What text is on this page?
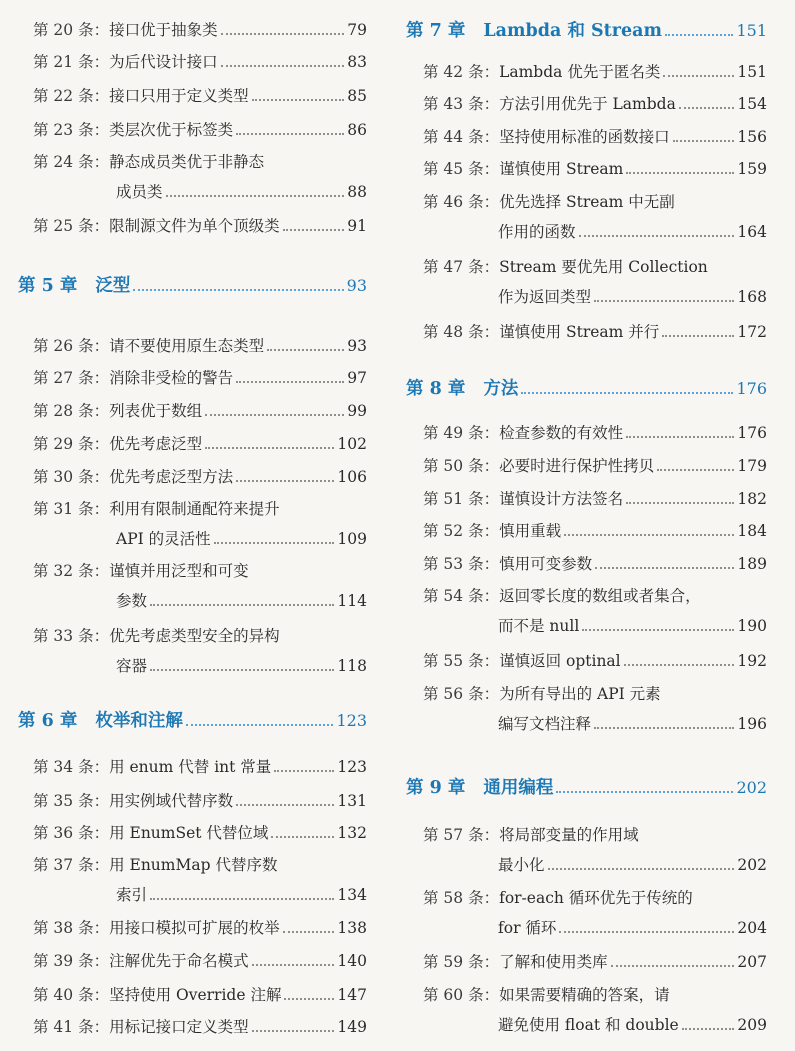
第 20 条： 接口优于抽象类	79
第 21 条： 为后代设计接口	83
第 22 条： 接口只用于定义类型	85
第 23 条： 类层次优于标签类	86
第 24 条： 静态成员类优于非静态
成员类	88
第 25 条： 限制源文件为单个顶级类	91
第 5 章 泛型	93
第 26 条： 请不要使用原生态类型	93
第 27 条： 消除非受检的警告	97
第 28 条： 列表优于数组	99
第 29 条： 优先考虑泛型	102
第 30 条： 优先考虑泛型方法	106
第 31 条： 利用有限制通配符来提升
API 的灵活性	109
第 32 条： 谨慎并用泛型和可变
参数	114
第 33 条： 优先考虑类型安全的异构
容器	118
第 6 章 枚举和注解	123
第 34 条： 用 enum 代替 int 常量	123
第 35 条： 用实例域代替序数	131
第 36 条： 用 EnumSet 代替位域	132
第 37 条： 用 EnumMap 代替序数
索引	134
第 38 条： 用接口模拟可扩展的枚举	138
第 39 条： 注解优先于命名模式	140
第 40 条： 坚持使用 Override 注解	147
第 41 条： 用标记接口定义类型	149
第 7 章 Lambda 和 Stream	151
第 42 条： Lambda 优先于匿名类	151
第 43 条： 方法引用优先于 Lambda	154
第 44 条： 坚持使用标准的函数接口	156
第 45 条： 谨慎使用 Stream	159
第 46 条： 优先选择 Stream 中无副
作用的函数	164
第 47 条： Stream 要优先用 Collection
作为返回类型	168
第 48 条： 谨慎使用 Stream 并行	172
第 8 章 方法	176
第 49 条： 检查参数的有效性	176
第 50 条： 必要时进行保护性拷贝	179
第 51 条： 谨慎设计方法签名	182
第 52 条： 慎用重载	184
第 53 条： 慎用可变参数	189
第 54 条： 返回零长度的数组或者集合，
而不是 null	190
第 55 条： 谨慎返回 optinal	192
第 56 条： 为所有导出的 API 元素
编写文档注释	196
第 9 章 通用编程	202
第 57 条： 将局部变量的作用域
最小化	202
第 58 条： for-each 循环优先于传统的
for 循环	204
第 59 条： 了解和使用类库	207
第 60 条： 如果需要精确的答案，请
避免使用 float 和 double	209
